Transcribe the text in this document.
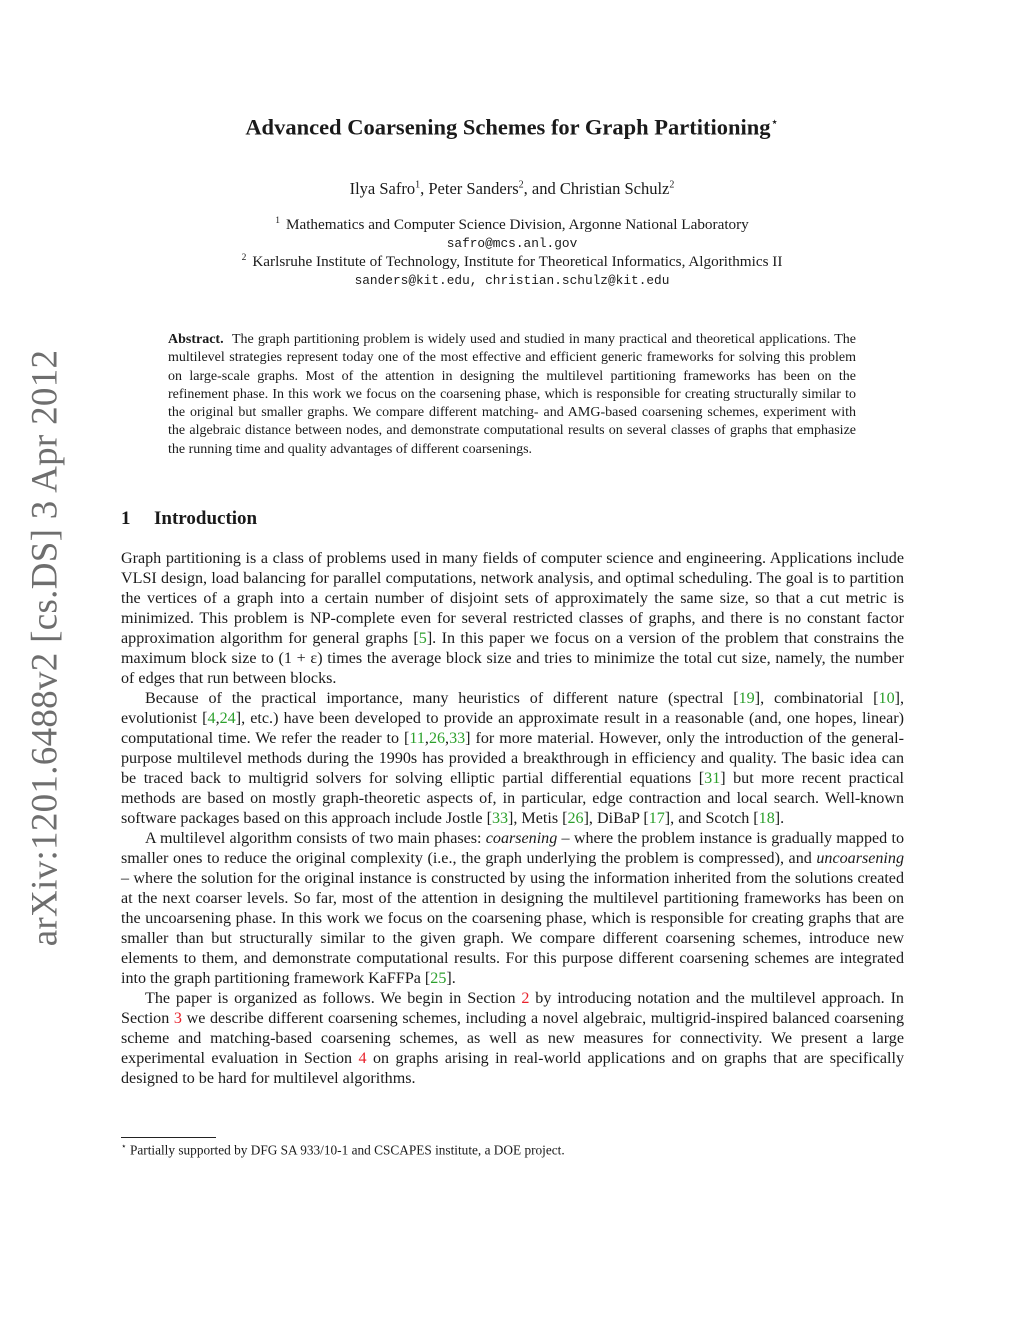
arXiv:1201.6488v2 [cs.DS] 3 Apr 2012
Advanced Coarsening Schemes for Graph Partitioning⋆
Ilya Safro$^1$, Peter Sanders$^2$, and Christian Schulz$^2$
$^1$ Mathematics and Computer Science Division, Argonne National Laboratory
safro@mcs.anl.gov
$^2$ Karlsruhe Institute of Technology, Institute for Theoretical Informatics, Algorithmics II
sanders@kit.edu, christian.schulz@kit.edu
Abstract. The graph partitioning problem is widely used and studied in many practical and theoretical applications. The multilevel strategies represent today one of the most effective and efficient generic frameworks for solving this problem on large-scale graphs. Most of the attention in designing the multilevel partitioning frameworks has been on the refinement phase. In this work we focus on the coarsening phase, which is responsible for creating structurally similar to the original but smaller graphs. We compare different matching- and AMG-based coarsening schemes, experiment with the algebraic distance between nodes, and demonstrate computational results on several classes of graphs that emphasize the running time and quality advantages of different coarsenings.
1 Introduction

Graph partitioning is a class of problems used in many fields of computer science and engineering. Applications include VLSI design, load balancing for parallel computations, network analysis, and optimal scheduling. The goal is to partition the vertices of a graph into a certain number of disjoint sets of approximately the same size, so that a cut metric is minimized. This problem is NP-complete even for several restricted classes of graphs, and there is no constant factor approximation algorithm for general graphs [5]. In this paper we focus on a version of the problem that constrains the maximum block size to (1 + ε) times the average block size and tries to minimize the total cut size, namely, the number of edges that run between blocks.

Because of the practical importance, many heuristics of different nature (spectral [19], combinatorial [10], evolutionist [4,24], etc.) have been developed to provide an approximate result in a reasonable (and, one hopes, linear) computational time. We refer the reader to [11,26,33] for more material. However, only the introduction of the general-purpose multilevel methods during the 1990s has provided a breakthrough in efficiency and quality. The basic idea can be traced back to multigrid solvers for solving elliptic partial differential equations [31] but more recent practical methods are based on mostly graph-theoretic aspects of, in particular, edge contraction and local search. Well-known software packages based on this approach include Jostle [33], Metis [26], DiBaP [17], and Scotch [18].

A multilevel algorithm consists of two main phases: coarsening – where the problem instance is gradually mapped to smaller ones to reduce the original complexity (i.e., the graph underlying the problem is compressed), and uncoarsening – where the solution for the original instance is constructed by using the information inherited from the solutions created at the next coarser levels. So far, most of the attention in designing the multilevel partitioning frameworks has been on the uncoarsening phase. In this work we focus on the coarsening phase, which is responsible for creating graphs that are smaller than but structurally similar to the given graph. We compare different coarsening schemes, introduce new elements to them, and demonstrate computational results. For this purpose different coarsening schemes are integrated into the graph partitioning framework KaFFPa [25].

The paper is organized as follows. We begin in Section 2 by introducing notation and the multilevel approach. In Section 3 we describe different coarsening schemes, including a novel algebraic, multigrid-inspired balanced coarsening scheme and matching-based coarsening schemes, as well as new measures for connectivity. We present a large experimental evaluation in Section 4 on graphs arising in real-world applications and on graphs that are specifically designed to be hard for multilevel algorithms.

⋆ Partially supported by DFG SA 933/10-1 and CSCAPES institute, a DOE project.
